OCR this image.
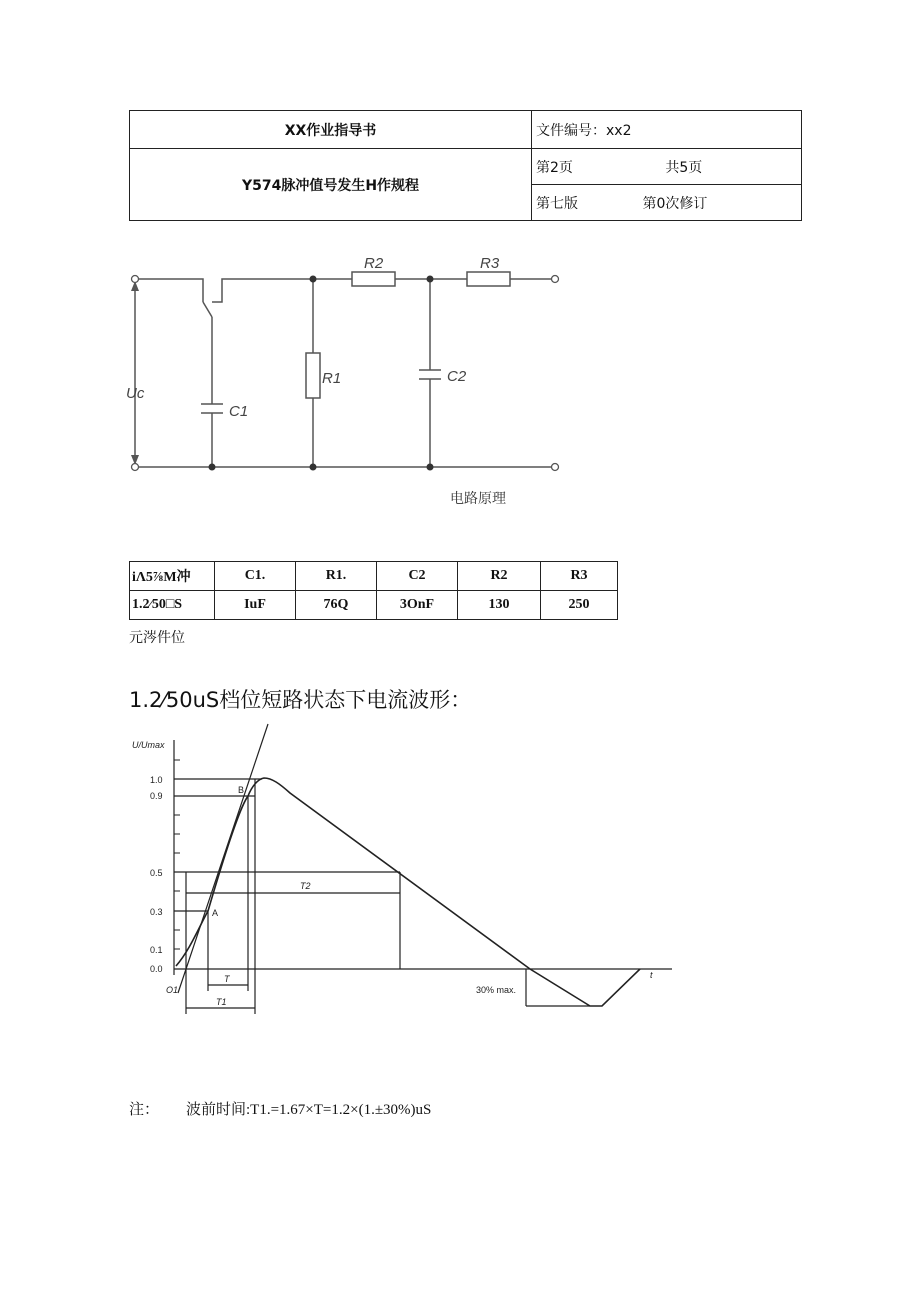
XX作业指导书	文件编号：xx2
Y574脉冲值号发生H作规程	第2页 共5页
	第七版 第0次修订
Uc
C1
R1
R2
C2
R3
电路原理
iΛ5⅞M冲	C1.	R1.	C2	R2	R3
1.2⁄50□S	IuF	76Q	3OnF	130	250
元涔件位
1.2⁄50uS档位短路状态下电流波形：
U/Umax
1.0
0.9
0.5
0.3
0.1
0.0
t
A
B
O1
T
T1
T2
30% max.
注： 波前时间:T1.=1.67×T=1.2×(1.±30%)uS
